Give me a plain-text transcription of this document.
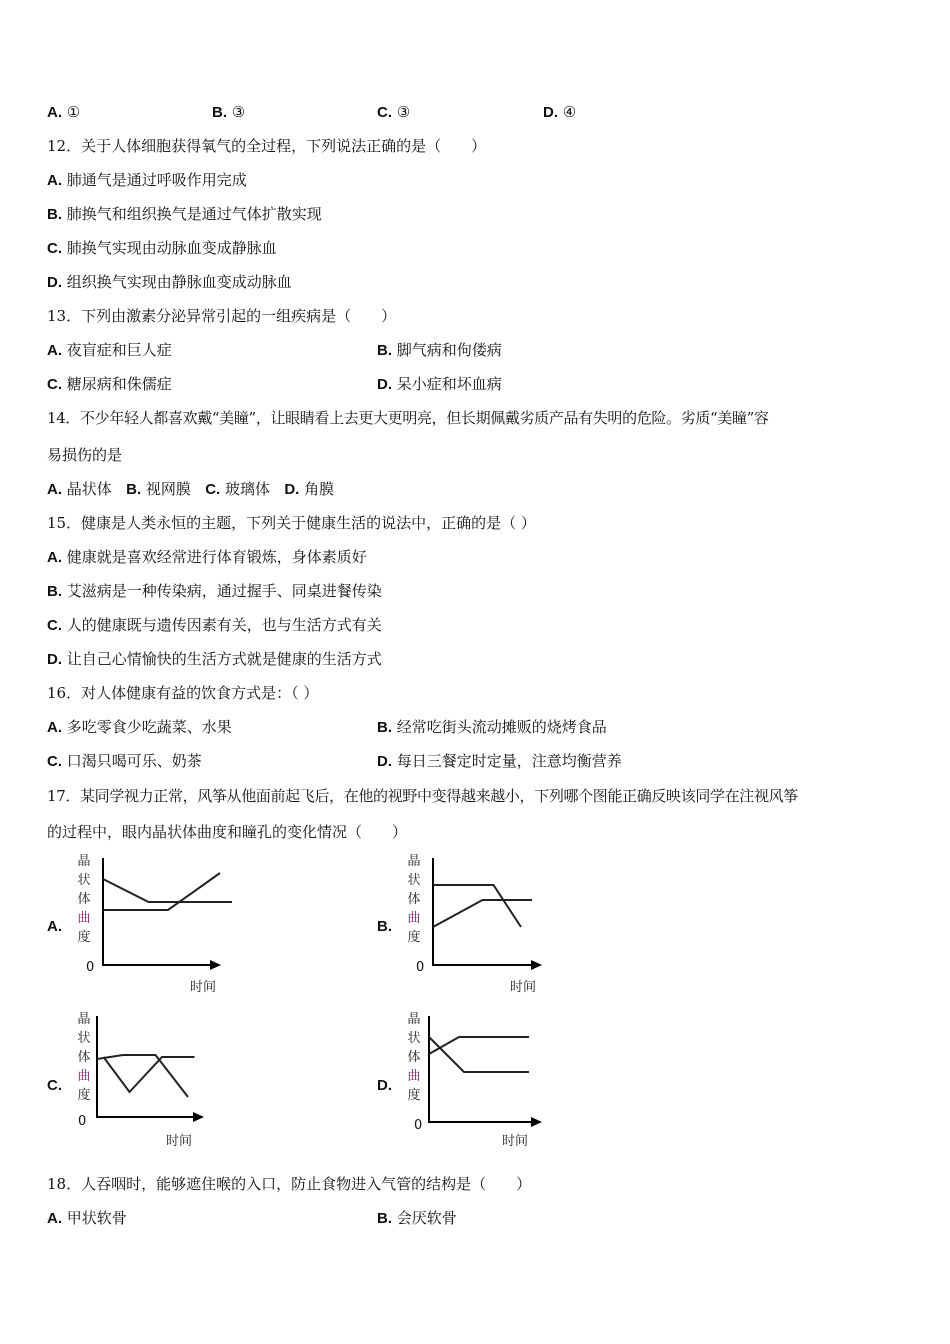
A. ①	B. ③	C. ③	D. ④
12．关于人体细胞获得氧气的全过程，下列说法正确的是（　　）
A. 肺通气是通过呼吸作用完成
B. 肺换气和组织换气是通过气体扩散实现
C. 肺换气实现由动脉血变成静脉血
D. 组织换气实现由静脉血变成动脉血
13．下列由激素分泌异常引起的一组疾病是（　　）
A. 夜盲症和巨人症	B. 脚气病和佝偻病
C. 糖尿病和侏儒症	D. 呆小症和坏血病
14．不少年轻人都喜欢戴“美瞳”，让眼睛看上去更大更明亮，但长期佩戴劣质产品有失明的危险。劣质“美瞳”容
易损伤的是
A. 晶状体 B. 视网膜 C. 玻璃体 D. 角膜
15．健康是人类永恒的主题，下列关于健康生活的说法中，正确的是（ ）
A. 健康就是喜欢经常进行体育锻炼，身体素质好
B. 艾滋病是一种传染病，通过握手、同桌进餐传染
C. 人的健康既与遗传因素有关，也与生活方式有关
D. 让自己心情愉快的生活方式就是健康的生活方式
16．对人体健康有益的饮食方式是：（ ）
A. 多吃零食少吃蔬菜、水果	B. 经常吃街头流动摊贩的烧烤食品
C. 口渴只喝可乐、奶茶	D. 每日三餐定时定量，注意均衡营养
17．某同学视力正常，风筝从他面前起飞后，在他的视野中变得越来越小，下列哪个图能正确反映该同学在注视风筝
的过程中，眼内晶状体曲度和瞳孔的变化情况（　　）
A.
晶
状
体
曲
度
0
时间
B.
晶
状
体
曲
度
0
时间
C.
晶
状
体
曲
度
0
时间
D.
晶
状
体
曲
度
0
时间
18．人吞咽时，能够遮住喉的入口，防止食物进入气管的结构是（　　）
A. 甲状软骨	B. 会厌软骨
